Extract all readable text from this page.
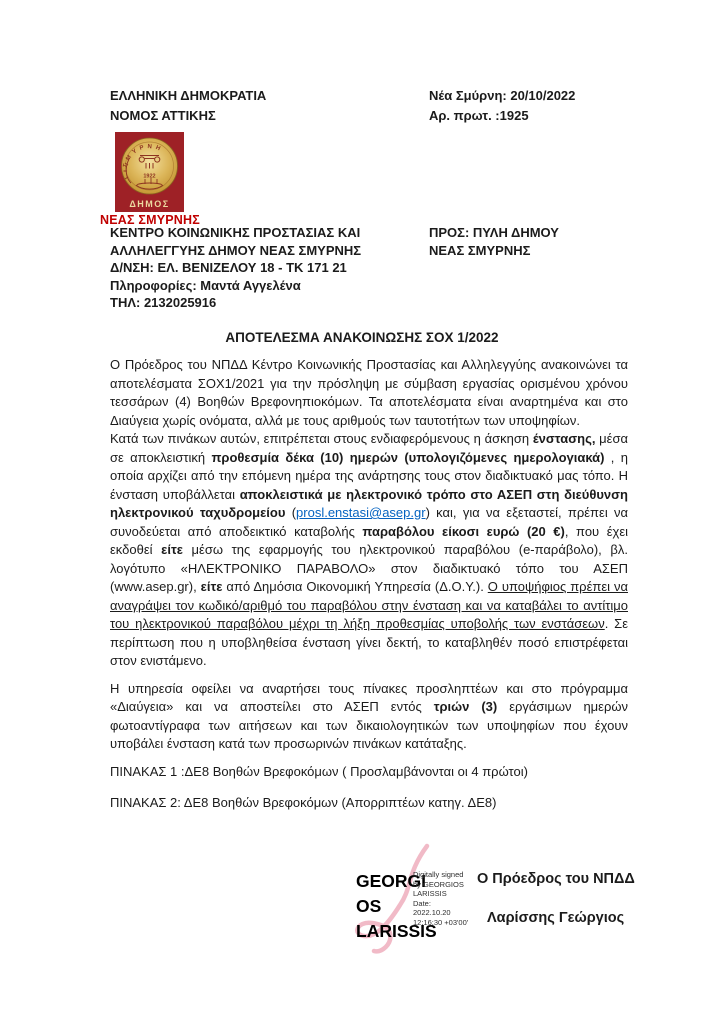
ΕΛΛΗΝΙΚΗ ΔΗΜΟΚΡΑΤΙΑ
ΝΟΜΟΣ ΑΤΤΙΚΗΣ
Νέα Σμύρνη: 20/10/2022
Αρ. πρωτ. :1925
ΣΜΥΡΝΗ
1922
ΔΗΜΟΣ
ΝΕΑΣ ΣΜΥΡΝΗΣ
ΚΕΝΤΡΟ ΚΟΙΝΩΝΙΚΗΣ ΠΡΟΣΤΑΣΙΑΣ ΚΑΙ
ΑΛΛΗΛΕΓΓΥΗΣ ΔΗΜΟΥ ΝΕΑΣ ΣΜΥΡΝΗΣ
Δ/ΝΣΗ: ΕΛ. ΒΕΝΙΖΕΛΟΥ 18 - ΤΚ 171 21
Πληροφορίες: Μαντά Αγγελένα
ΤΗΛ: 2132025916
ΠΡΟΣ: ΠΥΛΗ ΔΗΜΟΥ
ΝΕΑΣ ΣΜΥΡΝΗΣ
ΑΠΟΤΕΛΕΣΜΑ ΑΝΑΚΟΙΝΩΣΗΣ ΣΟΧ 1/2022

Ο Πρόεδρος του ΝΠΔΔ Κέντρο Κοινωνικής Προστασίας και Αλληλεγγύης ανακοινώνει τα αποτελέσματα ΣΟΧ1/2021 για την πρόσληψη με σύμβαση εργασίας ορισμένου χρόνου τεσσάρων (4) Βοηθών Βρεφονηπιοκόμων. Τα αποτελέσματα είναι αναρτημένα και στο Διαύγεια χωρίς ονόματα, αλλά με τους αριθμούς των ταυτοτήτων των υποψηφίων.

Κατά των πινάκων αυτών, επιτρέπεται στους ενδιαφερόμενους η άσκηση ένστασης, μέσα σε αποκλειστική προθεσμία δέκα (10) ημερών (υπολογιζόμενες ημερολογιακά) , η οποία αρχίζει από την επόμενη ημέρα της ανάρτησης τους στον διαδικτυακό μας τόπο. Η ένσταση υποβάλλεται αποκλειστικά με ηλεκτρονικό τρόπο στο ΑΣΕΠ στη διεύθυνση ηλεκτρονικού ταχυδρομείου (prosl.enstasi@asep.gr) και, για να εξεταστεί, πρέπει να συνοδεύεται από αποδεικτικό καταβολής παραβόλου είκοσι ευρώ (20 €), που έχει εκδοθεί είτε μέσω της εφαρμογής του ηλεκτρονικού παραβόλου (e-παράβολο), βλ. λογότυπο «ΗΛΕΚΤΡΟΝΙΚΟ ΠΑΡΑΒΟΛΟ» στον διαδικτυακό τόπο του ΑΣΕΠ (www.asep.gr), είτε από Δημόσια Οικονομική Υπηρεσία (Δ.Ο.Υ.). Ο υποψήφιος πρέπει να αναγράψει τον κωδικό/αριθμό του παραβόλου στην ένσταση και να καταβάλει το αντίτιμο του ηλεκτρονικού παραβόλου μέχρι τη λήξη προθεσμίας υποβολής των ενστάσεων. Σε περίπτωση που η υποβληθείσα ένσταση γίνει δεκτή, το καταβληθέν ποσό επιστρέφεται στον ενιστάμενο.

Η υπηρεσία οφείλει να αναρτήσει τους πίνακες προσληπτέων και στο πρόγραμμα «Διαύγεια» και να αποστείλει στο ΑΣΕΠ εντός τριών (3) εργάσιμων ημερών φωτοαντίγραφα των αιτήσεων και των δικαιολογητικών των υποψηφίων που έχουν υποβάλει ένσταση κατά των προσωρινών πινάκων κατάταξης.

ΠΙΝΑΚΑΣ 1 :ΔΕ8 Βοηθών Βρεφοκόμων ( Προσλαμβάνονται οι 4 πρώτοι)

ΠΙΝΑΚΑΣ 2: ΔΕ8 Βοηθών Βρεφοκόμων (Απορριπτέων κατηγ. ΔΕ8)

GEORGI
OS
LARISSIS
Digitally signed
by GEORGIOS
LARISSIS
Date:
2022.10.20
12:16:30 +03'00'
Ο Πρόεδρος του ΝΠΔΔ
Λαρίσσης Γεώργιος
